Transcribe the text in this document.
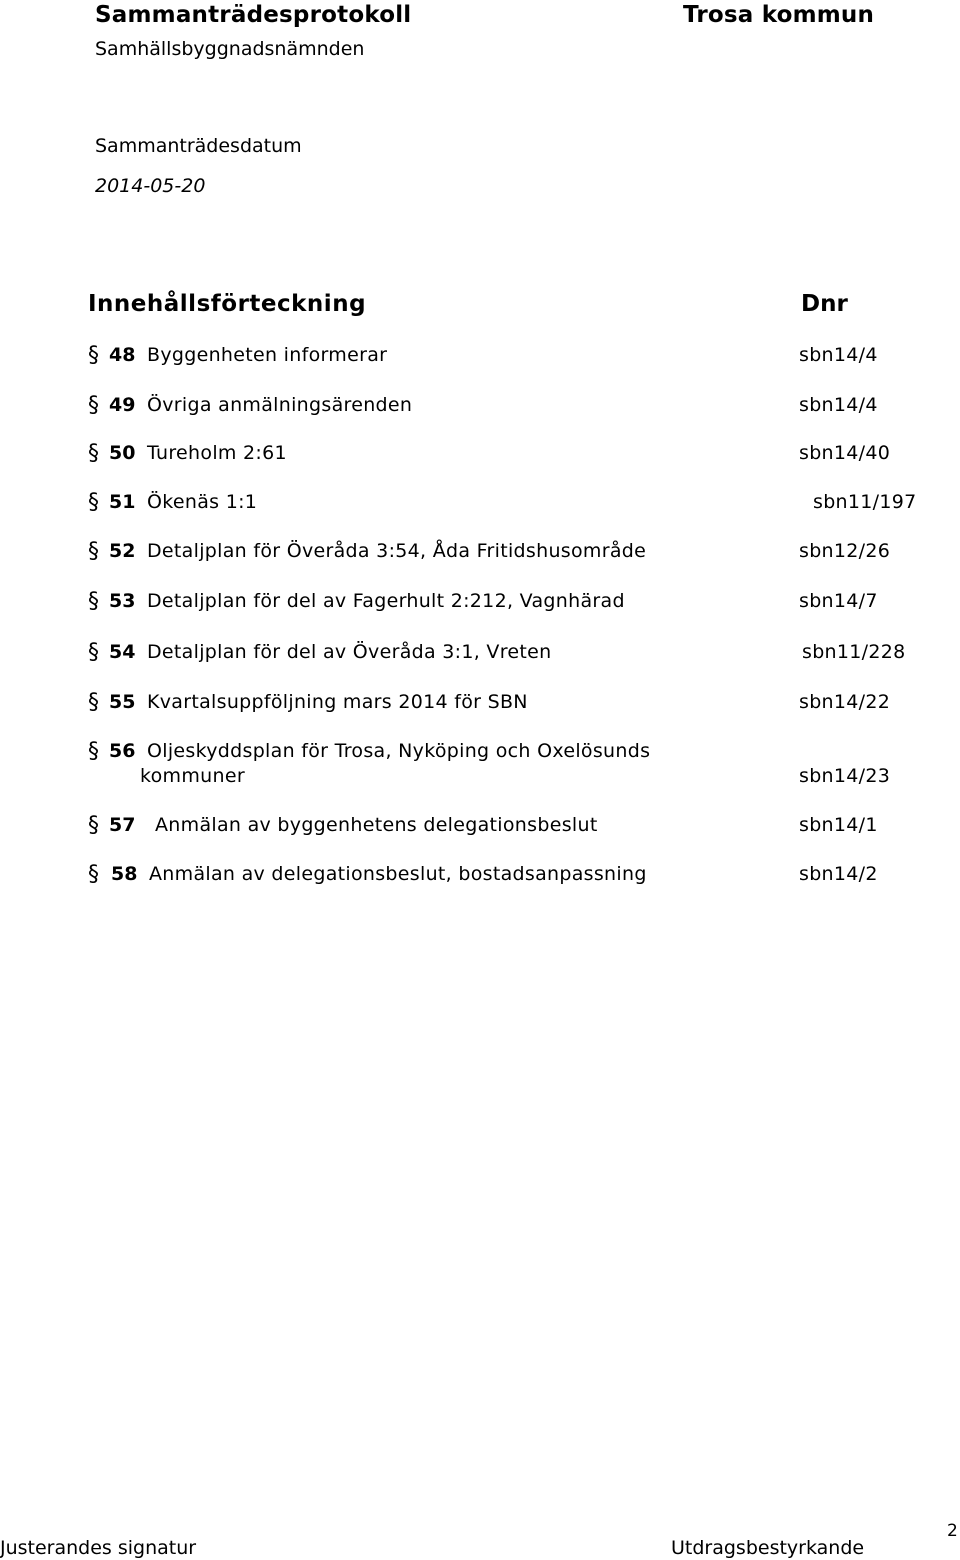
Sammanträdesprotokoll
Samhällsbyggnadsnämnden
Trosa kommun
Sammanträdesdatum
2014-05-20
Innehållsförteckning	Dnr
§ 48 Byggenheten informerar	sbn14/4
§ 49 Övriga anmälningsärenden	sbn14/4
§ 50 Tureholm 2:61	sbn14/40
§ 51 Ökenäs 1:1	sbn11/197
§ 52 Detaljplan för Överåda 3:54, Åda Fritidshusområde	sbn12/26
§ 53 Detaljplan för del av Fagerhult 2:212, Vagnhärad	sbn14/7
§ 54 Detaljplan för del av Överåda 3:1, Vreten	sbn11/228
§ 55 Kvartalsuppföljning mars 2014 för SBN	sbn14/22
§ 56 Oljeskyddsplan för Trosa, Nyköping och Oxelösunds
kommuner	sbn14/23
§ 57 Anmälan av byggenhetens delegationsbeslut	sbn14/1
§ 58 Anmälan av delegationsbeslut, bostadsanpassning	sbn14/2
Justerandes signatur	Utdragsbestyrkande
2
